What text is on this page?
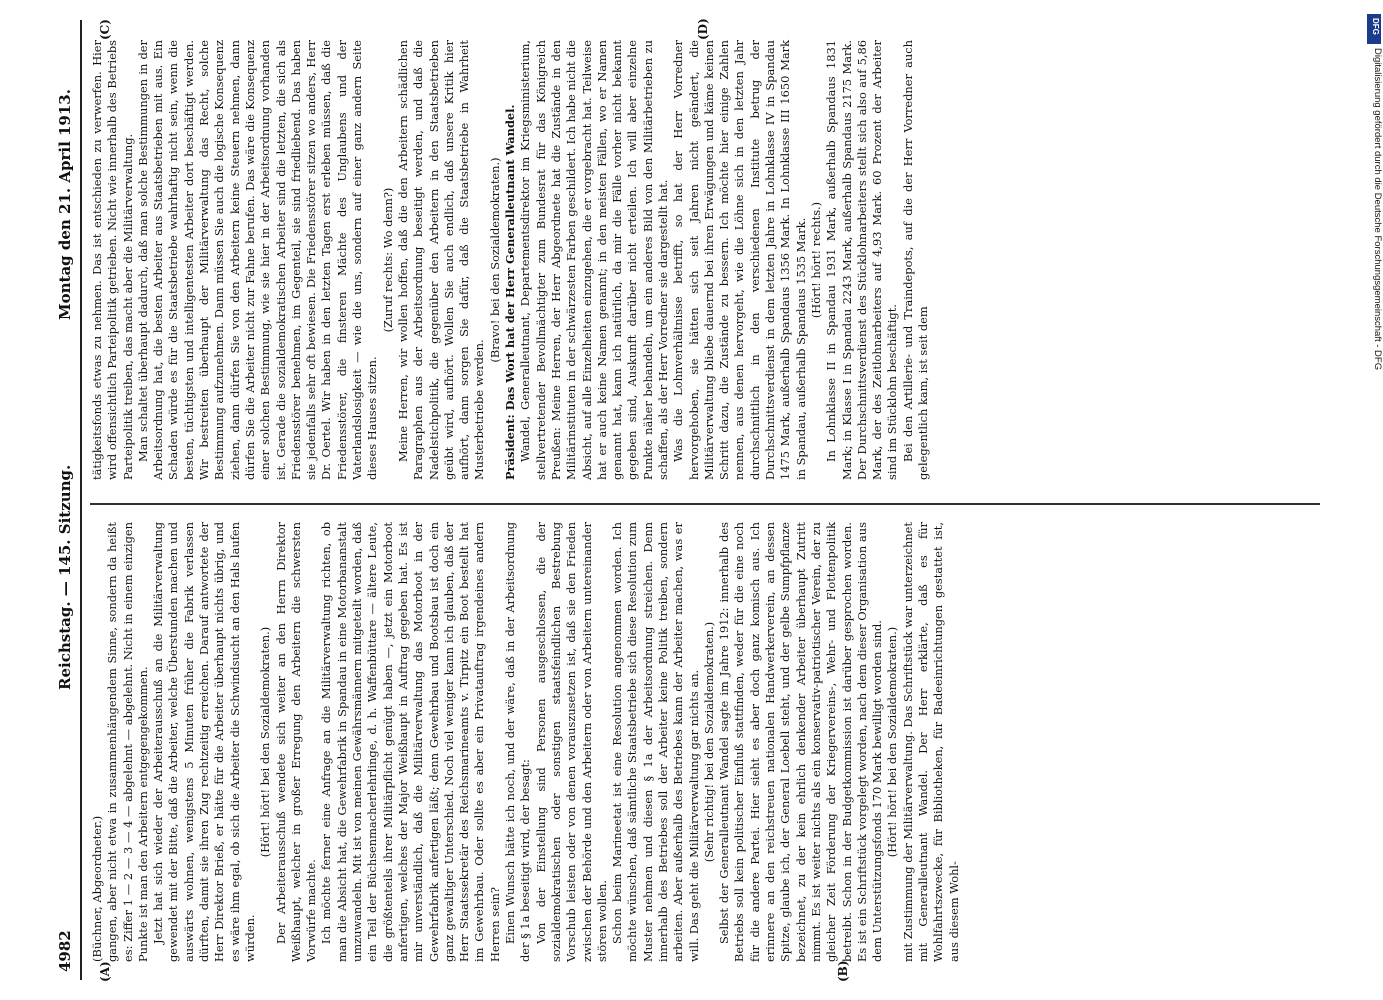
4982
Reichstag. — 145. Sitzung.
Montag den 21. April 1913.
(A)	(B)
(C)	(D)

(Büchner, Abgeordneter.) gangen, aber nicht etwa in zusammenhängendem Sinne, sondern da heißt es: Ziffer 1 — 2 — 3 — 4 — abgelehnt — abgelehnt. Nicht in einem einzigen Punkte ist man den Arbeitern entgegengekommen. Jetzt hat sich wieder der Arbeiterausschuß an die Militärverwaltung gewendet mit der Bitte, daß die Arbeiter, welche Überstunden machen und auswärts wohnen, wenigstens 5 Minuten früher die Fabrik verlassen dürften, damit sie ihren Zug rechtzeitig erreichen. Darauf antwortete der Herr Direktor Brieß, er hätte für die Arbeiter überhaupt nichts übrig, und es wäre ihm egal, ob sich die Arbeiter die Schwindsucht an den Hals laufen würden.

(Hört! hört! bei den Sozialdemokraten.) Der Arbeiterausschuß wendete sich weiter an den Herrn Direktor Weißhaupt, welcher in großer Erregung den Arbeitern die schwersten Vorwürfe machte. Ich möchte ferner eine Anfrage an die Militärverwaltung richten, ob man die Absicht hat, die Gewehrfabrik in Spandau in eine Motorbananstalt umzuwandeln. Mit ist von meinen Gewährsmännern mitgeteilt worden, daß ein Teil der Büchsenmacherlehrlinge, d. h. Waffenbüttare — ältere Leute, die größtenteils ihrer Militärpflicht genügt haben —, jetzt ein Motorboot anfertigen, welches der Major Weißhaupt in Auftrag gegeben hat. Es ist mir unverständlich, daß die Militärverwaltung das Motorboot in der Gewehrfabrik anfertigen läßt; denn Gewehrbau und Bootsbau ist doch ein ganz gewaltiger Unterschied. Noch viel weniger kann ich glauben, daß der Herr Staatssekretär des Reichsmarineamts v. Tirpitz ein Boot bestellt hat im Gewehrbau. Oder sollte es aber ein Privatauftrag irgendeines andern Herren sein? Einen Wunsch hätte ich noch, und der wäre, daß in der Arbeitsordnung der § 1a beseitigt wird, der besagt: Von der Einstellung sind Personen ausgeschlossen, die der sozialdemokratischen oder sonstigen staatsfeindlichen Bestrebung Vorschub leisten oder von denen vorauszusetzen ist, daß sie den Frieden zwischen der Behörde und den Arbeitern oder von Arbeitern untereinander stören wollen. Schon beim Marineetat ist eine Resolution angenommen worden. Ich möchte wünschen, daß sämtliche Staatsbetriebe sich diese Resolution zum Muster nehmen und diesen § 1a der Arbeitsordnung streichen. Denn innerhalb des Betriebes soll der Arbeiter keine Politik treiben, sondern arbeiten. Aber außerhalb des Betriebes kann der Arbeiter machen, was er will. Das geht die Militärverwaltung gar nichts an. (Sehr richtig! bei den Sozialdemokraten.) Selbst der Generalleutnant Wandel sagte im Jahre 1912: innerhalb des Betriebs soll kein politischer Einfluß stattfinden, weder für die eine noch für die andere Partei. Hier sieht es aber doch ganz komisch aus. Ich erinnere an den reichstreuen nationalen Handwerkerverein, an dessen Spitze, glaube ich, der General Loebell steht, und der gelbe Sumpfpflanze bezeichnet, zu der kein ehrlich denkender Arbeiter überhaupt Zutritt nimmt. Es ist weiter nichts als ein konservativ-patriotischer Verein, der zu gleicher Zeit Förderung der Kriegervereins-, Wehr- und Flottenpolitik betreibt. Schon in der Budgetkommission ist darüber gesprochen worden. Es ist ein Schriftstück vorgelegt worden, nach dem dieser Organisation aus dem Unterstützungsfonds 170 Mark bewilligt worden sind. (Hört! hört! bei den Sozialdemokraten.) mit Zustimmung der Militärverwaltung. Das Schriftstück war unterzeichnet mit Generalleutnant Wandel. Der Herr erklärte, daß es für Wohlfahrtszwecke, für Bibliotheken, für Badeeinrichtungen gestattet ist, aus diesem Wohl-

tätigkeitsfonds etwas zu nehmen. Das ist entschieden zu verwerfen. Hier wird offensichtlich Parteipolitik getrieben. Nicht wie innerhalb des Betriebs Parteipolitik treiben, das macht aber die Militärverwaltung. Man schaltet überhaupt dadurch, daß man solche Bestimmungen in der Arbeitsordnung hat, die besten Arbeiter aus Staatsbetrieben mit aus. Ein Schaden würde es für die Staatsbetriebe wahrhaftig nicht sein, wenn die besten, tüchtigsten und intelligentesten Arbeiter dort beschäftigt werden. Wir bestreiten überhaupt der Militärverwaltung das Recht, solche Bestimmung aufzunehmen. Dann müssen Sie auch die logische Konsequenz ziehen, dann dürfen Sie von den Arbeitern keine Steuern nehmen, dann dürfen Sie die Arbeiter nicht zur Fahne berufen. Das wäre die Konsequenz einer solchen Bestimmung, wie sie hier in der Arbeitsordnung vorhanden ist. Gerade die sozialdemokratischen Arbeiter sind die letzten, die sich als Friedensstörer benehmen, im Gegenteil, sie sind friedliebend. Das haben sie jedenfalls sehr oft bewiesen. Die Friedensstörer sitzen wo anders, Herr Dr. Oertel. Wir haben in den letzten Tagen erst erleben müssen, daß die Friedensstörer, die finsteren Mächte des Unglaubens und der Vaterlandslosigkeit — wie die uns, sondern auf einer ganz andern Seite dieses Hauses sitzen.

(Zuruf rechts: Wo denn?) Meine Herren, wir wollen hoffen, daß die den Arbeitern schädlichen Paragraphen aus der Arbeitsordnung beseitigt werden, und daß die Nadelstichpolitik, die gegenüber den Arbeitern in den Staatsbetrieben geübt wird, aufhört. Wollen Sie auch endlich, daß unsere Kritik hier aufhört, dann sorgen Sie dafür, daß die Staatsbetriebe in Wahrheit Musterbetriebe werden.

(Bravo! bei den Sozialdemokraten.) Präsident: Das Wort hat der Herr Generalleutnant Wandel. Wandel, Generalleutnant, Departementsdirektor im Kriegsministerium, stellvertretender Bevollmächtigter zum Bundesrat für das Königreich Preußen: Meine Herren, der Herr Abgeordnete hat die Zustände in den Militärinstituten in der schwärzesten Farben geschildert. Ich habe nicht die Absicht, auf alle Einzelheiten einzugehen, die er vorgebracht hat. Teilweise hat er auch keine Namen genannt; in den meisten Fällen, wo er Namen genannt hat, kann ich natürlich, da mir die Fälle vorher nicht bekannt gegeben sind, Auskunft darüber nicht erteilen. Ich will aber einzelne Punkte näher behandeln, um ein anderes Bild von den Militärbetrieben zu schaffen, als der Herr Vorredner sie dargestellt hat. Was die Lohnverhältnisse betrifft, so hat der Herr Vorredner hervorgehoben, sie hätten sich seit Jahren nicht geändert, die Militärverwaltung bliebe dauernd bei ihren Erwägungen und käme keinen Schritt dazu, die Zustände zu bessern. Ich möchte hier einige Zahlen nennen, aus denen hervorgeht, wie die Löhne sich in den letzten Jahr durchschnittlich in den verschiedenen Institute betrug der Durchschnittsverdienst in dem letzten Jahre in Lohnklasse IV in Spandau 1475 Mark, außerhalb Spandaus 1356 Mark. In Lohnklasse III 1650 Mark in Spandau, außerhalb Spandaus 1535 Mark. (Hört! hört! rechts.) In Lohnklasse II in Spandau 1931 Mark, außerhalb Spandaus 1831 Mark; in Klasse I in Spandau 2243 Mark, außerhalb Spandaus 2175 Mark. Der Durchschnittsverdienst des Stücklohnarbeiters stellt sich also auf 5,86 Mark, der des Zeitlohnarbeiters auf 4,93 Mark. 60 Prozent der Arbeiter sind im Stücklohn beschäftigt. Bei den Artillerie- und Traindepots, auf die der Herr Vorredner auch gelegentlich kam, ist seit dem

DFG
Digitalisierung gefördert durch die Deutsche Forschungsgemeinschaft - DFG
